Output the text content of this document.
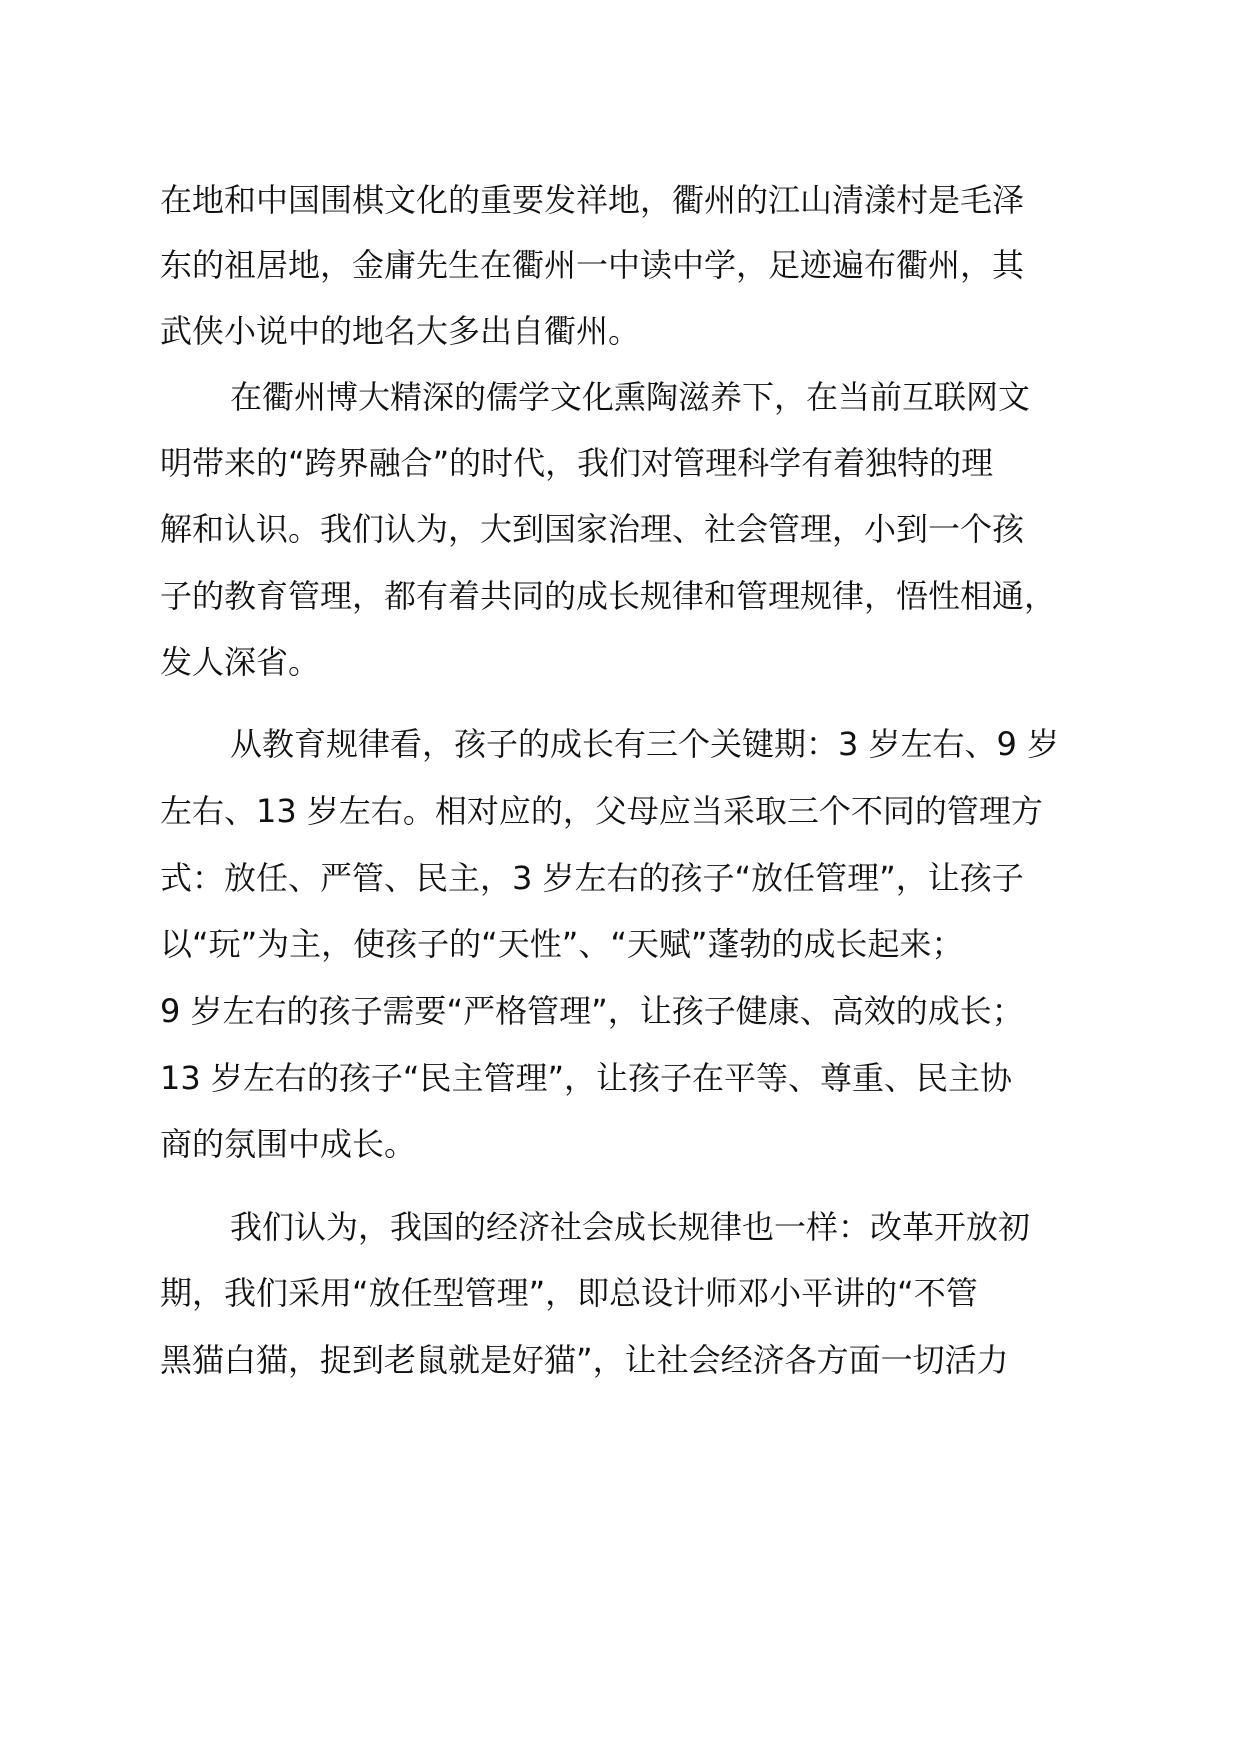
在地和中国围棋文化的重要发祥地，衢州的江山清漾村是毛泽
东的祖居地，金庸先生在衢州一中读中学，足迹遍布衢州，其
武侠小说中的地名大多出自衢州。
在衢州博大精深的儒学文化熏陶滋养下，在当前互联网文
明带来的“跨界融合”的时代，我们对管理科学有着独特的理
解和认识。我们认为，大到国家治理、社会管理，小到一个孩
子的教育管理，都有着共同的成长规律和管理规律，悟性相通，
发人深省。
从教育规律看，孩子的成长有三个关键期：3 岁左右、9 岁
左右、13 岁左右。相对应的，父母应当采取三个不同的管理方
式：放任、严管、民主，3 岁左右的孩子“放任管理”，让孩子
以“玩”为主，使孩子的“天性”、“天赋”蓬勃的成长起来；
9 岁左右的孩子需要“严格管理”，让孩子健康、高效的成长；
13 岁左右的孩子“民主管理”，让孩子在平等、尊重、民主协
商的氛围中成长。
我们认为，我国的经济社会成长规律也一样：改革开放初
期，我们采用“放任型管理”，即总设计师邓小平讲的“不管
黑猫白猫，捉到老鼠就是好猫”，让社会经济各方面一切活力
